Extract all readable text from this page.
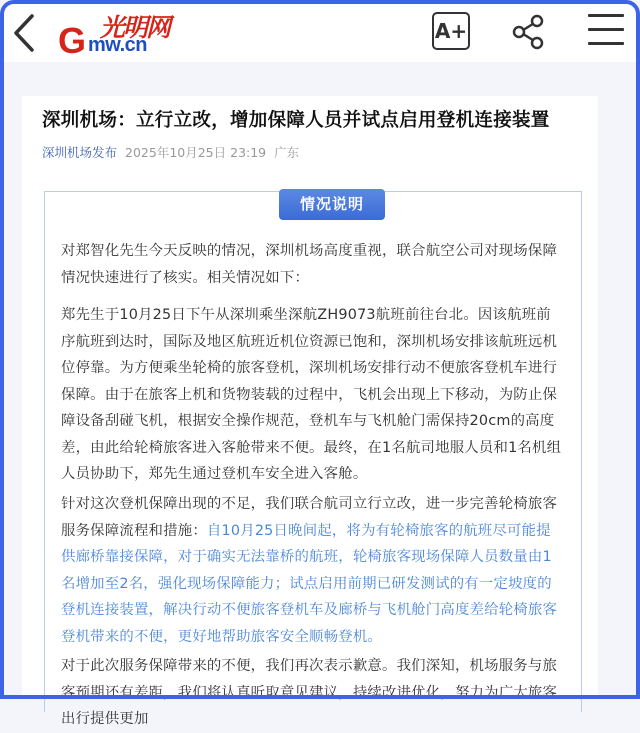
光明网
G mw.cn
A+
深圳机场：立行立改，增加保障人员并试点启用登机连接装置
深圳机场发布 2025年10月25日 23:19 广东
情况说明
对郑智化先生今天反映的情况，深圳机场高度重视，联合航空公司对现场保障情况快速进行了核实。相关情况如下：
郑先生于10月25日下午从深圳乘坐深航ZH9073航班前往台北。因该航班前序航班到达时，国际及地区航班近机位资源已饱和，深圳机场安排该航班远机位停靠。为方便乘坐轮椅的旅客登机，深圳机场安排行动不便旅客登机车进行保障。由于在旅客上机和货物装载的过程中，飞机会出现上下移动，为防止保障设备刮碰飞机，根据安全操作规范，登机车与飞机舱门需保持20cm的高度差，由此给轮椅旅客进入客舱带来不便。最终，在1名航司地服人员和1名机组人员协助下，郑先生通过登机车安全进入客舱。
针对这次登机保障出现的不足，我们联合航司立行立改，进一步完善轮椅旅客服务保障流程和措施：自10月25日晚间起，将为有轮椅旅客的航班尽可能提供廊桥靠接保障，对于确实无法靠桥的航班，轮椅旅客现场保障人员数量由1名增加至2名，强化现场保障能力；试点启用前期已研发测试的有一定坡度的登机连接装置，解决行动不便旅客登机车及廊桥与飞机舱门高度差给轮椅旅客登机带来的不便，更好地帮助旅客安全顺畅登机。
对于此次服务保障带来的不便，我们再次表示歉意。我们深知，机场服务与旅客预期还有差距，我们将认真听取意见建议，持续改进优化，努力为广大旅客出行提供更加
